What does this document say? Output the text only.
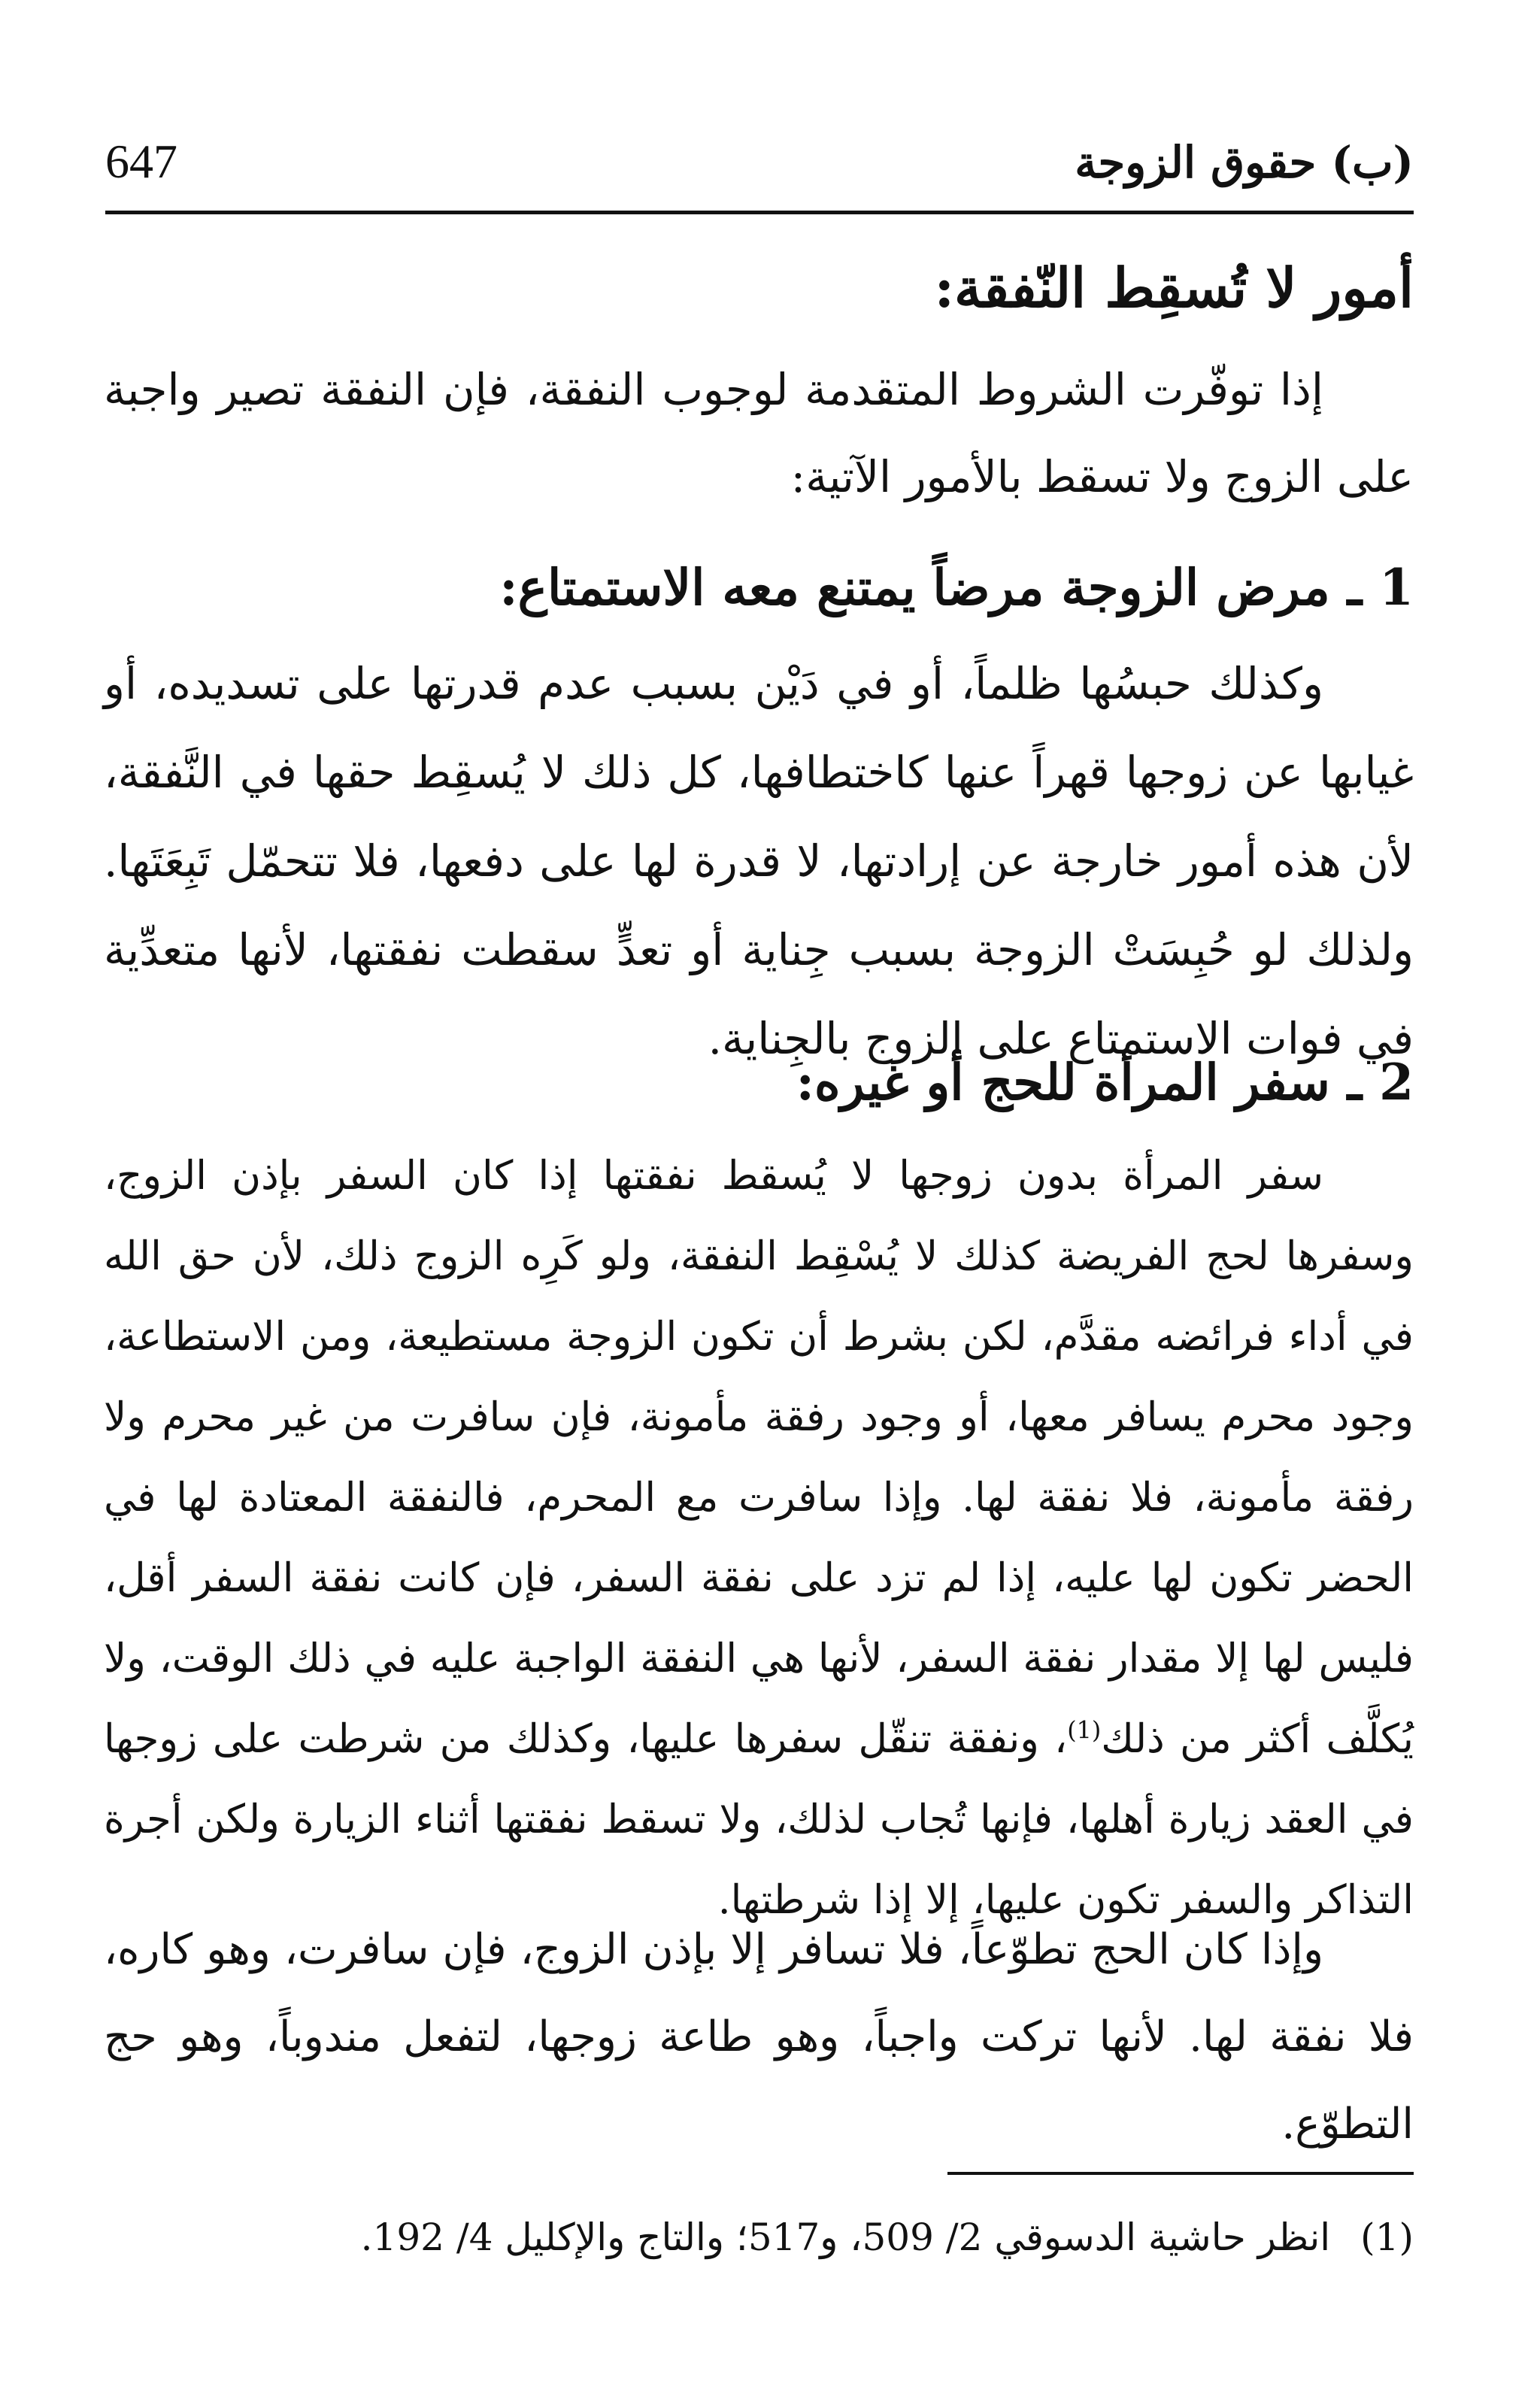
(ب) حقوق الزوجة
647
أمور لا تُسقِط النّفقة:

إذا توفّرت الشروط المتقدمة لوجوب النفقة، فإن النفقة تصير واجبة على الزوج ولا تسقط بالأمور الآتية:

1 ـ مرض الزوجة مرضاً يمتنع معه الاستمتاع:

وكذلك حبسُها ظلماً، أو في دَيْن بسبب عدم قدرتها على تسديده، أو غيابها عن زوجها قهراً عنها كاختطافها، كل ذلك لا يُسقِط حقها في النَّفقة، لأن هذه أمور خارجة عن إرادتها، لا قدرة لها على دفعها، فلا تتحمّل تَبِعَتَها. ولذلك لو حُبِسَتْ الزوجة بسبب جِناية أو تعدٍّ سقطت نفقتها، لأنها متعدِّية في فوات الاستمتاع على الزوج بالجِناية.

2 ـ سفر المرأة للحج أو غيره:

سفر المرأة بدون زوجها لا يُسقط نفقتها إذا كان السفر بإذن الزوج، وسفرها لحج الفريضة كذلك لا يُسْقِط النفقة، ولو كَرِه الزوج ذلك، لأن حق الله في أداء فرائضه مقدَّم، لكن بشرط أن تكون الزوجة مستطيعة، ومن الاستطاعة، وجود محرم يسافر معها، أو وجود رفقة مأمونة، فإن سافرت من غير محرم ولا رفقة مأمونة، فلا نفقة لها. وإذا سافرت مع المحرم، فالنفقة المعتادة لها في الحضر تكون لها عليه، إذا لم تزد على نفقة السفر، فإن كانت نفقة السفر أقل، فليس لها إلا مقدار نفقة السفر، لأنها هي النفقة الواجبة عليه في ذلك الوقت، ولا يُكلَّف أكثر من ذلك$^{(1)}$، ونفقة تنقّل سفرها عليها، وكذلك من شرطت على زوجها في العقد زيارة أهلها، فإنها تُجاب لذلك، ولا تسقط نفقتها أثناء الزيارة ولكن أجرة التذاكر والسفر تكون عليها، إلا إذا شرطتها.

وإذا كان الحج تطوّعاً، فلا تسافر إلا بإذن الزوج، فإن سافرت، وهو كاره، فلا نفقة لها. لأنها تركت واجباً، وهو طاعة زوجها، لتفعل مندوباً، وهو حج التطوّع.

(1)انظر حاشية الدسوقي 2/ 509، و517؛ والتاج والإكليل 4/ 192.
